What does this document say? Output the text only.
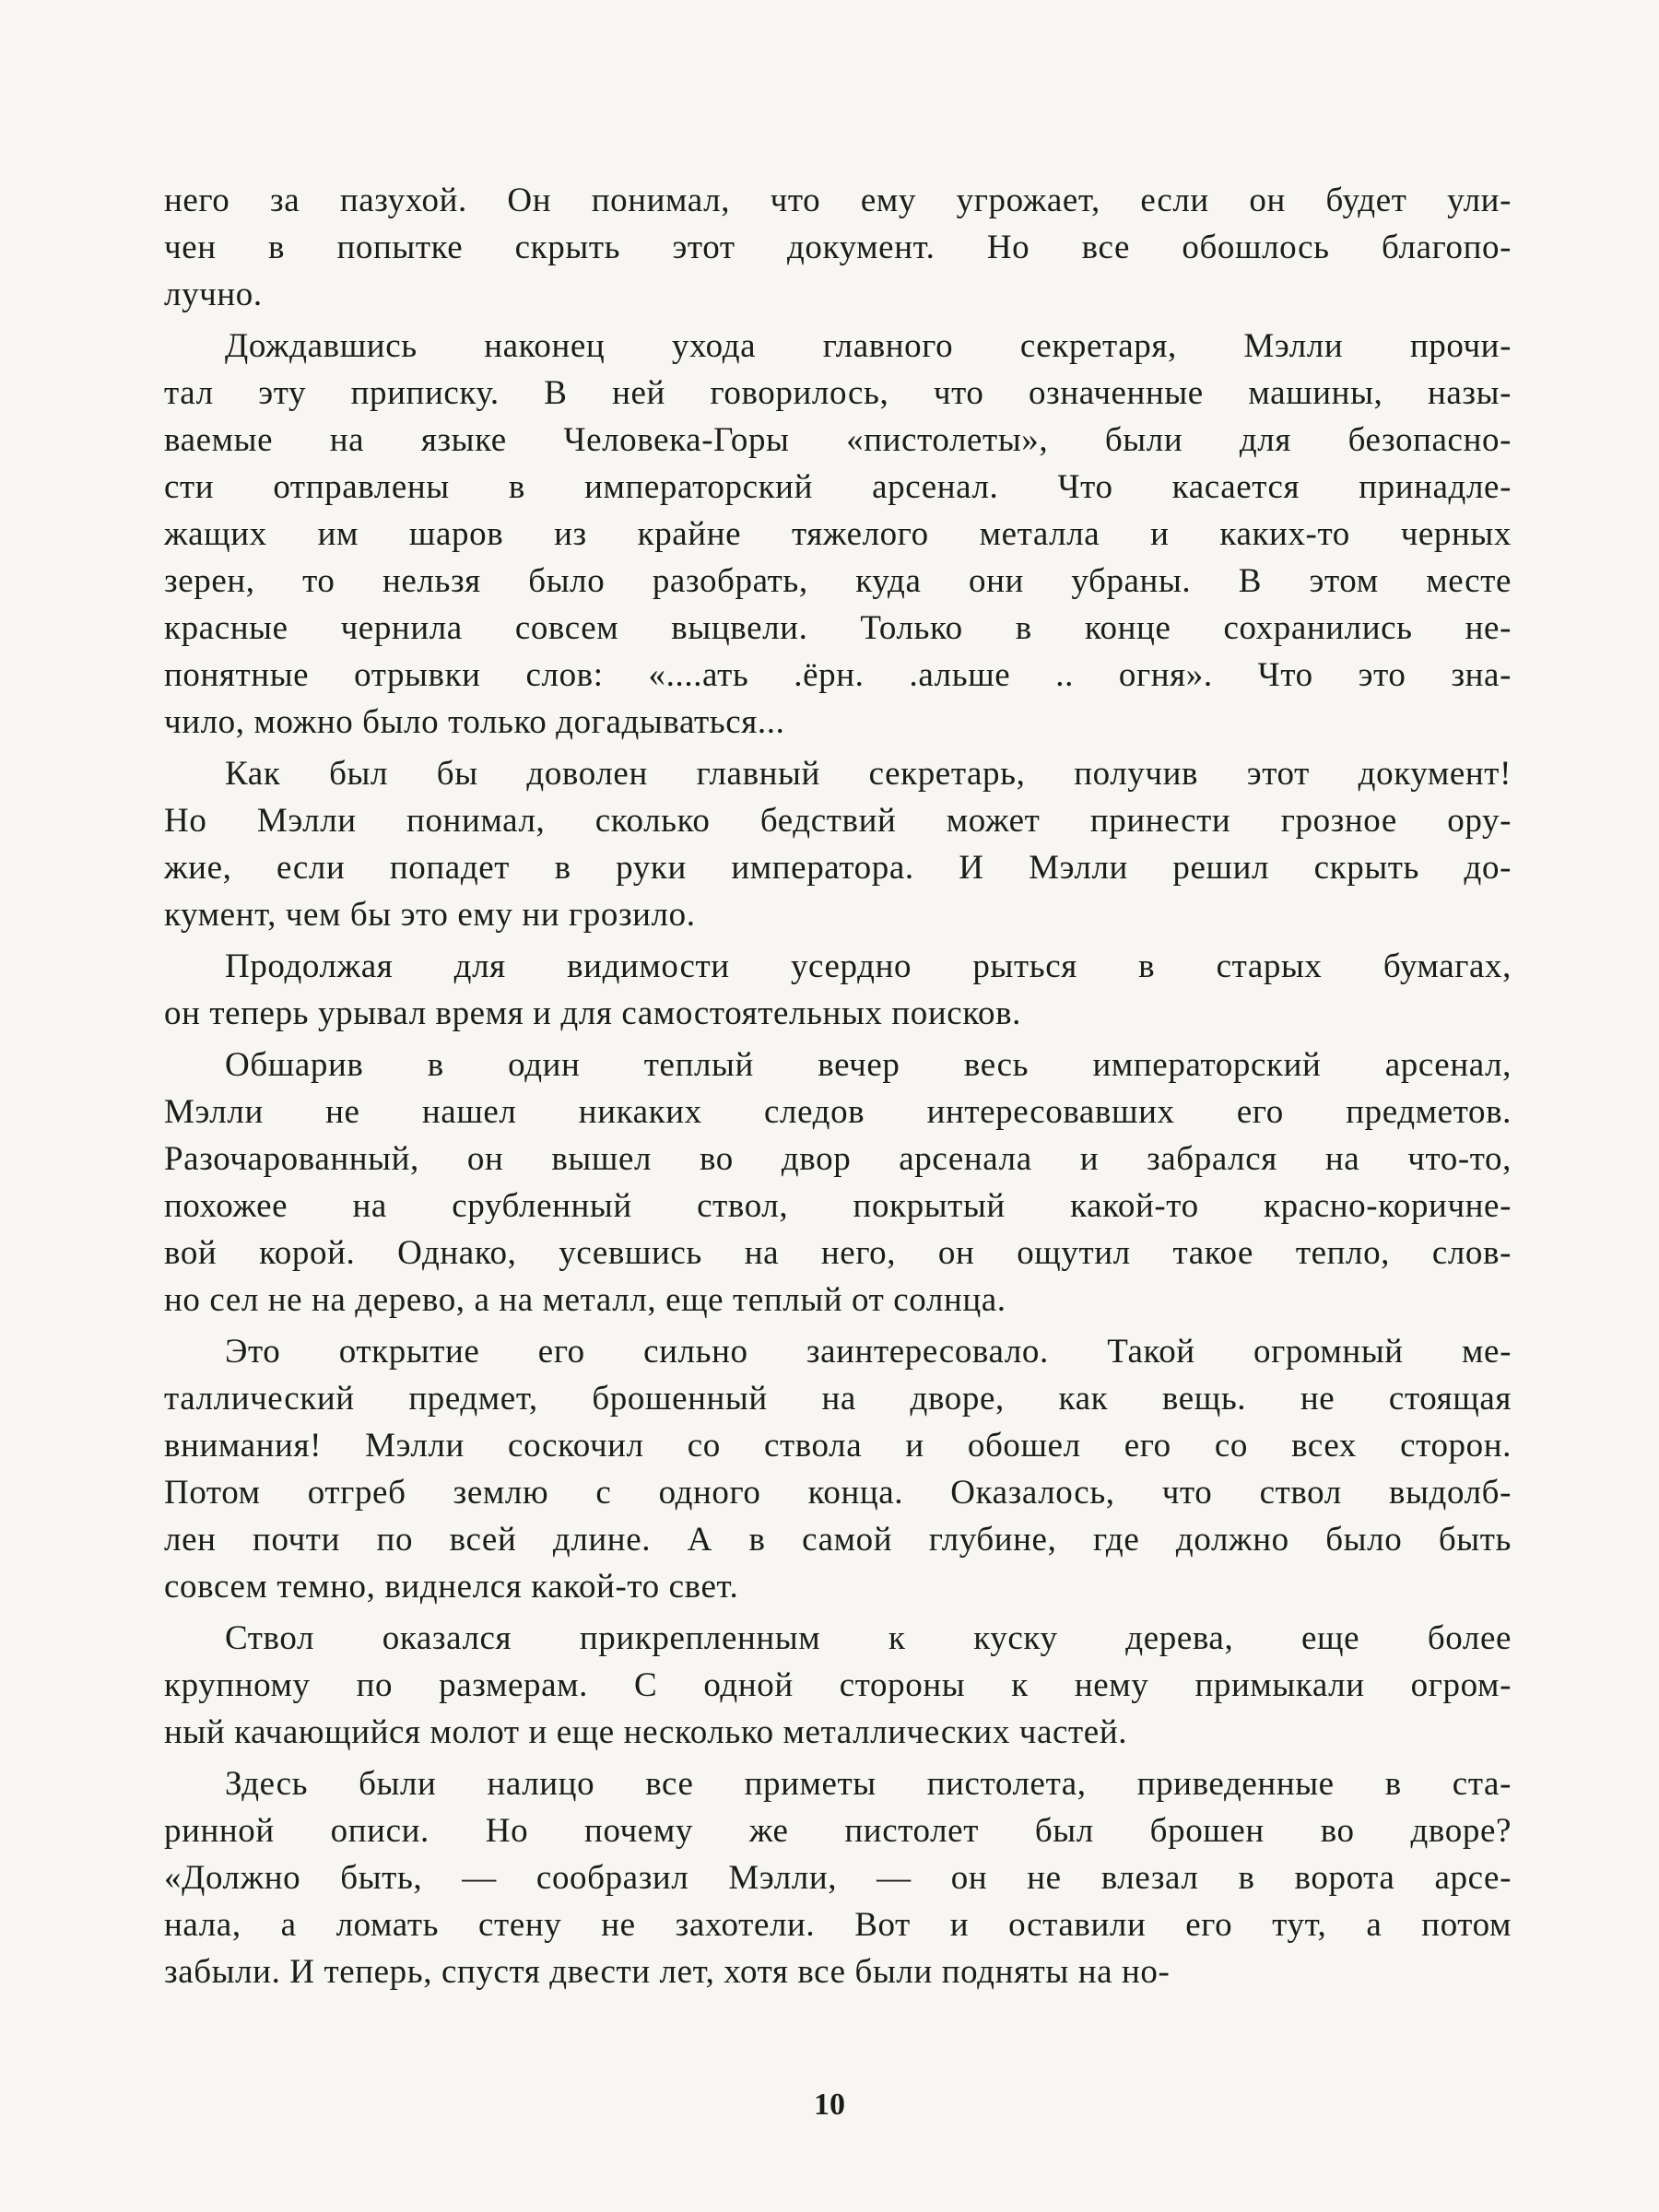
него за пазухой. Он понимал, что ему угрожает, если он будет ули-
чен в попытке скрыть этот документ. Но все обошлось благопо-
лучно.
Дождавшись наконец ухода главного секретаря, Мэлли прочи-
тал эту приписку. В ней говорилось, что означенные машины, назы-
ваемые на языке Человека-Горы «пистолеты», были для безопасно-
сти отправлены в императорский арсенал. Что касается принадле-
жащих им шаров из крайне тяжелого металла и каких-то черных
зерен, то нельзя было разобрать, куда они убраны. В этом месте
красные чернила совсем выцвели. Только в конце сохранились не-
понятные отрывки слов: «....ать .ёрн. .альше .. огня». Что это зна-
чило, можно было только догадываться...
Как был бы доволен главный секретарь, получив этот документ!
Но Мэлли понимал, сколько бедствий может принести грозное ору-
жие, если попадет в руки императора. И Мэлли решил скрыть до-
кумент, чем бы это ему ни грозило.
Продолжая для видимости усердно рыться в старых бумагах,
он теперь урывал время и для самостоятельных поисков.
Обшарив в один теплый вечер весь императорский арсенал,
Мэлли не нашел никаких следов интересовавших его предметов.
Разочарованный, он вышел во двор арсенала и забрался на что-то,
похожее на срубленный ствол, покрытый какой-то красно-коричне-
вой корой. Однако, усевшись на него, он ощутил такое тепло, слов-
но сел не на дерево, а на металл, еще теплый от солнца.
Это открытие его сильно заинтересовало. Такой огромный ме-
таллический предмет, брошенный на дворе, как вещь. не стоящая
внимания! Мэлли соскочил со ствола и обошел его со всех сторон.
Потом отгреб землю с одного конца. Оказалось, что ствол выдолб-
лен почти по всей длине. А в самой глубине, где должно было быть
совсем темно, виднелся какой-то свет.
Ствол оказался прикрепленным к куску дерева, еще более
крупному по размерам. С одной стороны к нему примыкали огром-
ный качающийся молот и еще несколько металлических частей.
Здесь были налицо все приметы пистолета, приведенные в ста-
ринной описи. Но почему же пистолет был брошен во дворе?
«Должно быть, — сообразил Мэлли, — он не влезал в ворота арсе-
нала, а ломать стену не захотели. Вот и оставили его тут, а потом
забыли. И теперь, спустя двести лет, хотя все были подняты на но-
10
